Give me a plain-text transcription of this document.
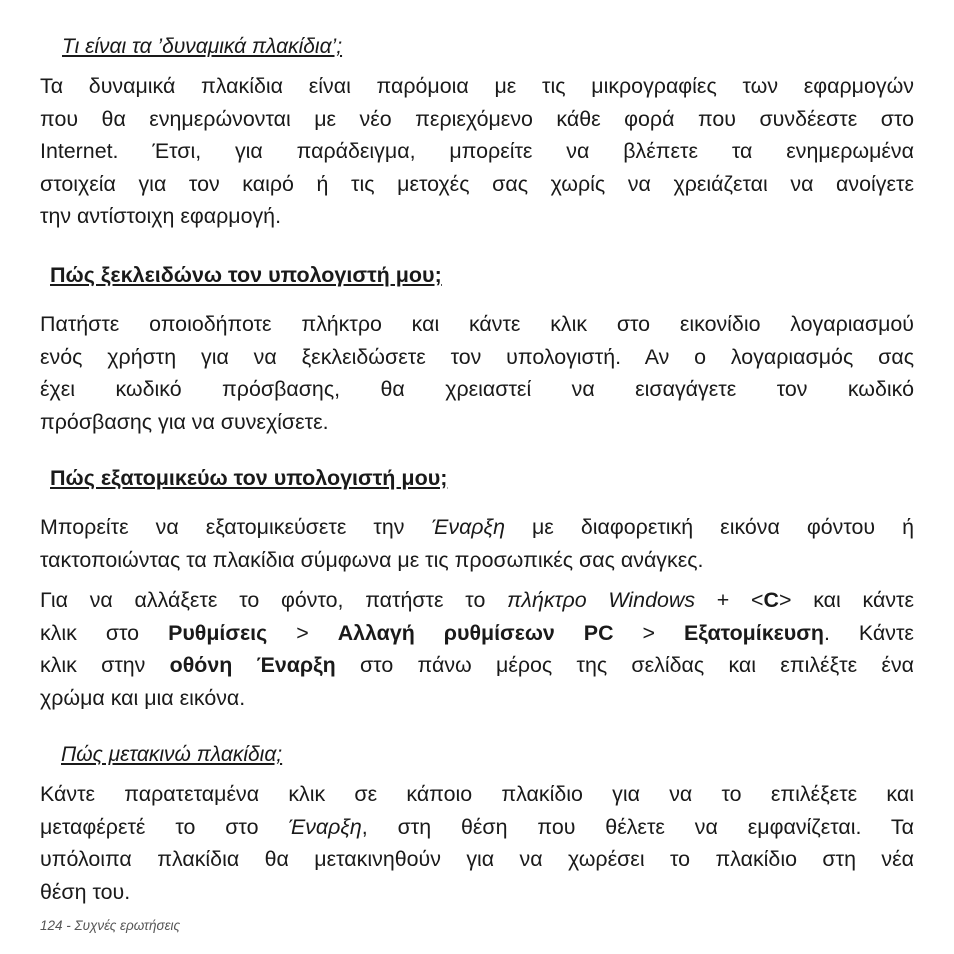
Τι είναι τα ’δυναμικά πλακίδια’;
Τα δυναμικά πλακίδια είναι παρόμοια με τις μικρογραφίες των εφαρμογών
που θα ενημερώνονται με νέο περιεχόμενο κάθε φορά που συνδέεστε στο
Internet. Έτσι, για παράδειγμα, μπορείτε να βλέπετε τα ενημερωμένα
στοιχεία για τον καιρό ή τις μετοχές σας χωρίς να χρειάζεται να ανοίγετε
την αντίστοιχη εφαρμογή.
Πώς ξεκλειδώνω τον υπολογιστή μου;
Πατήστε οποιοδήποτε πλήκτρο και κάντε κλικ στο εικονίδιο λογαριασμού
ενός χρήστη για να ξεκλειδώσετε τον υπολογιστή. Αν ο λογαριασμός σας
έχει κωδικό πρόσβασης, θα χρειαστεί να εισαγάγετε τον κωδικό
πρόσβασης για να συνεχίσετε.
Πώς εξατομικεύω τον υπολογιστή μου;
Μπορείτε να εξατομικεύσετε την Έναρξη με διαφορετική εικόνα φόντου ή
τακτοποιώντας τα πλακίδια σύμφωνα με τις προσωπικές σας ανάγκες.
Για να αλλάξετε το φόντο, πατήστε το πλήκτρο Windows + <C> και κάντε
κλικ στο Ρυθμίσεις > Αλλαγή ρυθμίσεων PC > Εξατομίκευση. Κάντε
κλικ στην οθόνη Έναρξη στο πάνω μέρος της σελίδας και επιλέξτε ένα
χρώμα και μια εικόνα.
Πώς μετακινώ πλακίδια;
Κάντε παρατεταμένα κλικ σε κάποιο πλακίδιο για να το επιλέξετε και
μεταφέρετέ το στο Έναρξη, στη θέση που θέλετε να εμφανίζεται. Τα
υπόλοιπα πλακίδια θα μετακινηθούν για να χωρέσει το πλακίδιο στη νέα
θέση του.
124 - Συχνές ερωτήσεις
